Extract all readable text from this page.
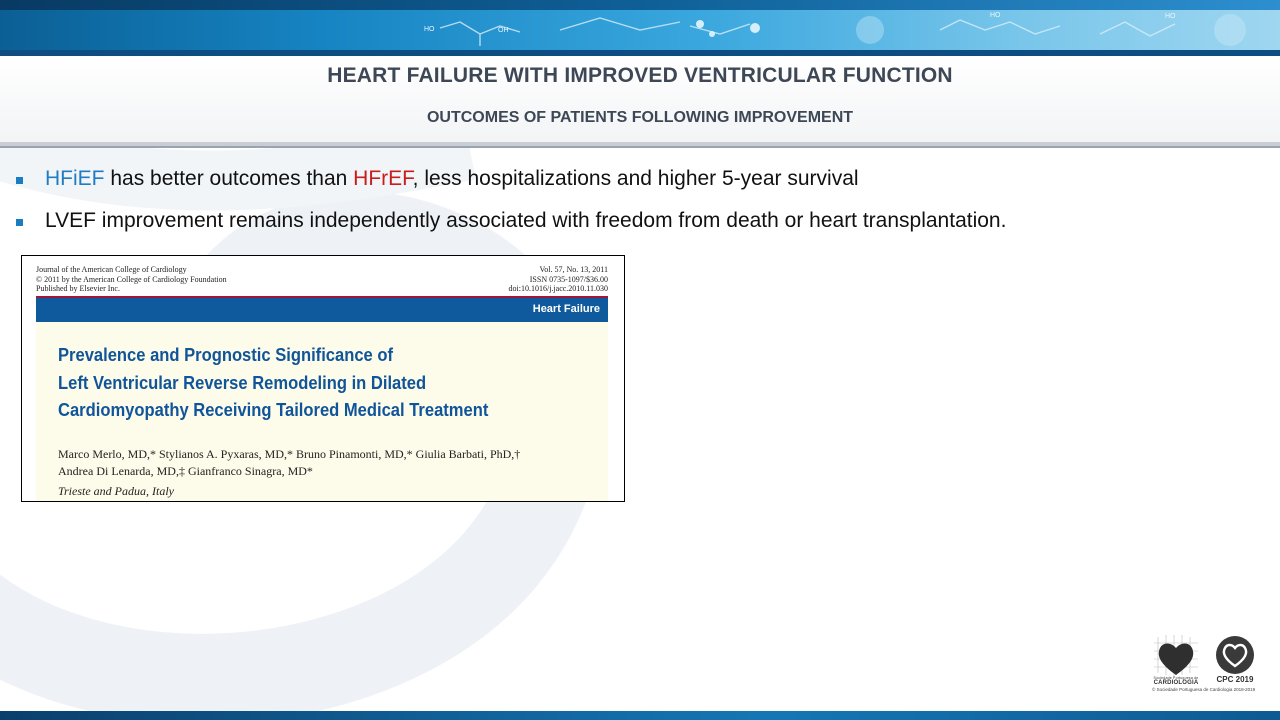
HO	OH
HO	HO
HEART FAILURE WITH IMPROVED VENTRICULAR FUNCTION
OUTCOMES OF PATIENTS FOLLOWING IMPROVEMENT
HFiEF has better outcomes than HFrEF, less hospitalizations and higher 5-year survival
LVEF improvement remains independently associated with freedom from death or heart transplantation.
Journal of the American College of Cardiology
© 2011 by the American College of Cardiology Foundation
Published by Elsevier Inc.
Vol. 57, No. 13, 2011
ISSN 0735-1097/$36.00
doi:10.1016/j.jacc.2010.11.030
Heart Failure
Prevalence and Prognostic Significance of
Left Ventricular Reverse Remodeling in Dilated
Cardiomyopathy Receiving Tailored Medical Treatment
Marco Merlo, MD,* Stylianos A. Pyxaras, MD,* Bruno Pinamonti, MD,* Giulia Barbati, PhD,†
Andrea Di Lenarda, MD,‡ Gianfranco Sinagra, MD*
Trieste and Padua, Italy
Sociedade Portuguesa de
CARDIOLOGIA	CPC 2019
© Sociedade Portuguesa de Cardiologia 2018-2019
